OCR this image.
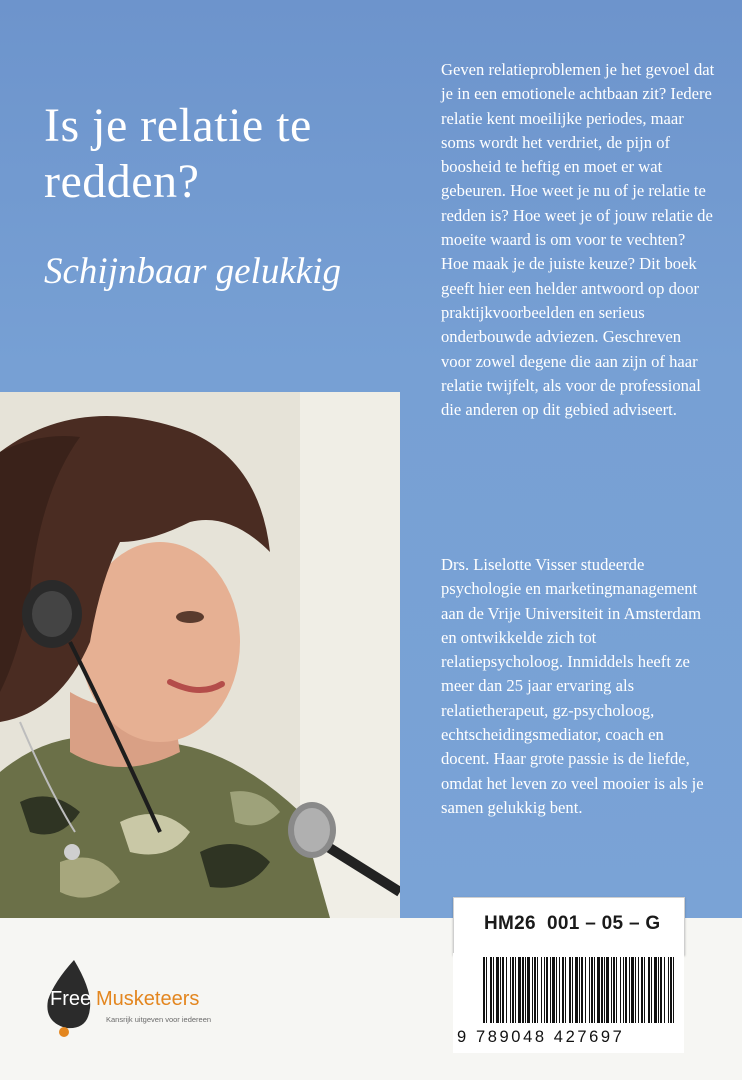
Is je relatie te redden?
Schijnbaar gelukkig

Geven relatieproblemen je het gevoel dat je in een emotionele achtbaan zit? Iedere relatie kent moeilijke periodes, maar soms wordt het verdriet, de pijn of boosheid te heftig en moet er wat gebeuren. Hoe weet je nu of je relatie te redden is? Hoe weet je of jouw relatie de moeite waard is om voor te vechten? Hoe maak je de juiste keuze? Dit boek geeft hier een helder antwoord op door praktijkvoorbeelden en serieus onderbouwde adviezen. Geschreven voor zowel degene die aan zijn of haar relatie twijfelt, als voor de professional die anderen op dit gebied adviseert.

Drs. Liselotte Visser studeerde psychologie en marketingmanagement aan de Vrije Universiteit in Amsterdam en ontwikkelde zich tot relatiepsycholoog. Inmiddels heeft ze meer dan 25 jaar ervaring als relatietherapeut, gz-psycholoog, echtscheidingsmediator, coach en docent. Haar grote passie is de liefde, omdat het leven zo veel mooier is als je samen gelukkig bent.

Free Musketeers
Kansrijk uitgeven voor iedereen
HM26  001 – 05 – G
9 789048 427697
